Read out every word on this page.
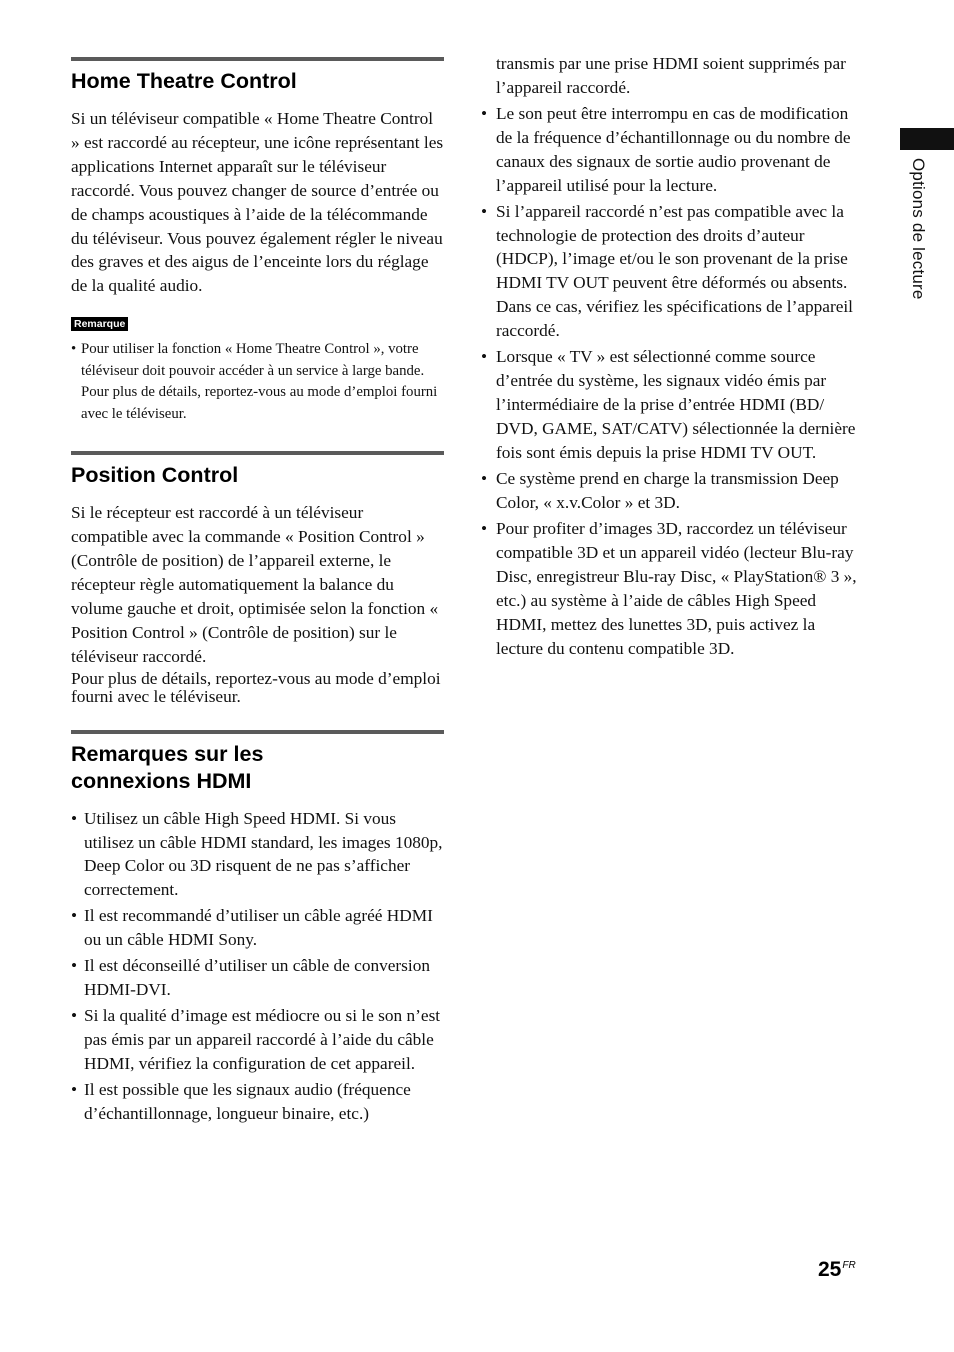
Options de lecture
Home Theatre Control

Si un téléviseur compatible « Home Theatre Control » est raccordé au récepteur, une icône représentant les applications Internet apparaît sur le téléviseur raccordé. Vous pouvez changer de source d’entrée ou de champs acoustiques à l’aide de la télécommande du téléviseur. Vous pouvez également régler le niveau des graves et des aigus de l’enceinte lors du réglage de la qualité audio.

Remarque
• Pour utiliser la fonction « Home Theatre Control », votre téléviseur doit pouvoir accéder à un service à large bande.
Pour plus de détails, reportez-vous au mode d’emploi fourni avec le téléviseur.
Position Control

Si le récepteur est raccordé à un téléviseur compatible avec la commande « Position Control » (Contrôle de position) de l’appareil externe, le récepteur règle automatiquement la balance du volume gauche et droit, optimisée selon la fonction « Position Control » (Contrôle de position) sur le téléviseur raccordé.

Pour plus de détails, reportez-vous au mode d’emploi fourni avec le téléviseur.

Remarques sur les
connexions HDMI
• Utilisez un câble High Speed HDMI. Si vous utilisez un câble HDMI standard, les images 1080p, Deep Color ou 3D risquent de ne pas s’afficher correctement.
• Il est recommandé d’utiliser un câble agréé HDMI ou un câble HDMI Sony.
• Il est déconseillé d’utiliser un câble de conversion HDMI-DVI.
• Si la qualité d’image est médiocre ou si le son n’est pas émis par un appareil raccordé à l’aide du câble HDMI, vérifiez la configuration de cet appareil.
• Il est possible que les signaux audio (fréquence d’échantillonnage, longueur binaire, etc.)

transmis par une prise HDMI soient supprimés par l’appareil raccordé.

• Le son peut être interrompu en cas de modification de la fréquence d’échantillonnage ou du nombre de canaux des signaux de sortie audio provenant de l’appareil utilisé pour la lecture.
• Si l’appareil raccordé n’est pas compatible avec la technologie de protection des droits d’auteur (HDCP), l’image et/ou le son provenant de la prise HDMI TV OUT peuvent être déformés ou absents.
Dans ce cas, vérifiez les spécifications de l’appareil raccordé.
• Lorsque « TV » est sélectionné comme source d’entrée du système, les signaux vidéo émis par l’intermédiaire de la prise d’entrée HDMI (BD/ DVD, GAME, SAT/CATV) sélectionnée la dernière fois sont émis depuis la prise HDMI TV OUT.
• Ce système prend en charge la transmission Deep Color, « x.v.Color » et 3D.
• Pour profiter d’images 3D, raccordez un téléviseur compatible 3D et un appareil vidéo (lecteur Blu-ray Disc, enregistreur Blu-ray Disc, « PlayStation® 3 », etc.) au système à l’aide de câbles High Speed HDMI, mettez des lunettes 3D, puis activez la lecture du contenu compatible 3D.
$25^{FR}$
